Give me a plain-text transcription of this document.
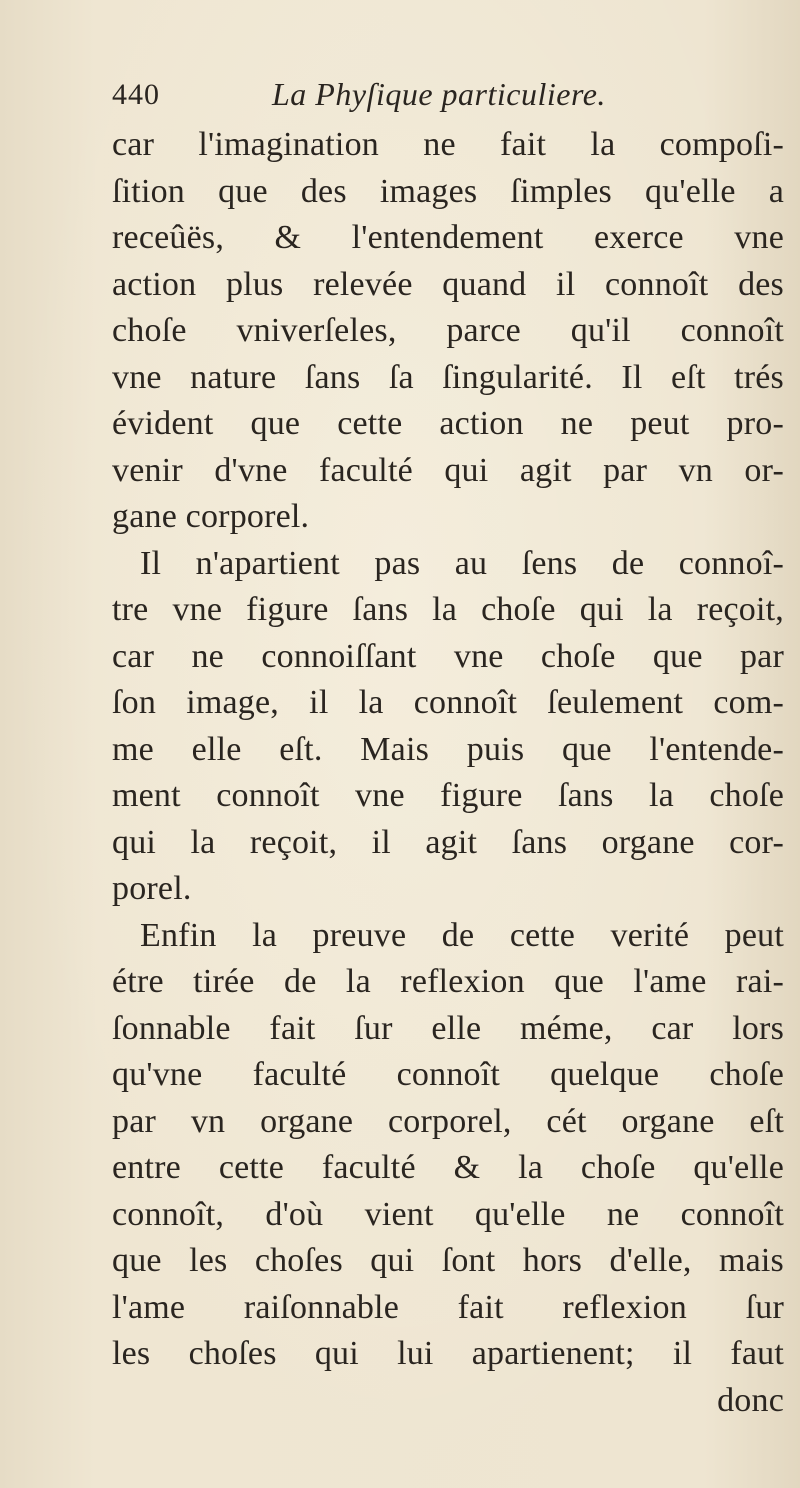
440	La Phyſique particuliere.
car l'imagination ne fait la compoſi-
ſition que des images ſimples qu'elle a
receûës, & l'entendement exerce vne
action plus relevée quand il connoît des
choſe vniverſeles, parce qu'il connoît
vne nature ſans ſa ſingularité. Il eſt trés
évident que cette action ne peut pro-
venir d'vne faculté qui agit par vn or-
gane corporel.
Il n'apartient pas au ſens de connoî-
tre vne figure ſans la choſe qui la reçoit,
car ne connoiſſant vne choſe que par
ſon image, il la connoît ſeulement com-
me elle eſt. Mais puis que l'entende-
ment connoît vne figure ſans la choſe
qui la reçoit, il agit ſans organe cor-
porel.
Enfin la preuve de cette verité peut
étre tirée de la reflexion que l'ame rai-
ſonnable fait ſur elle méme, car lors
qu'vne faculté connoît quelque choſe
par vn organe corporel, cét organe eſt
entre cette faculté & la choſe qu'elle
connoît, d'où vient qu'elle ne connoît
que les choſes qui ſont hors d'elle, mais
l'ame raiſonnable fait reflexion ſur
les choſes qui lui apartienent; il faut
donc
